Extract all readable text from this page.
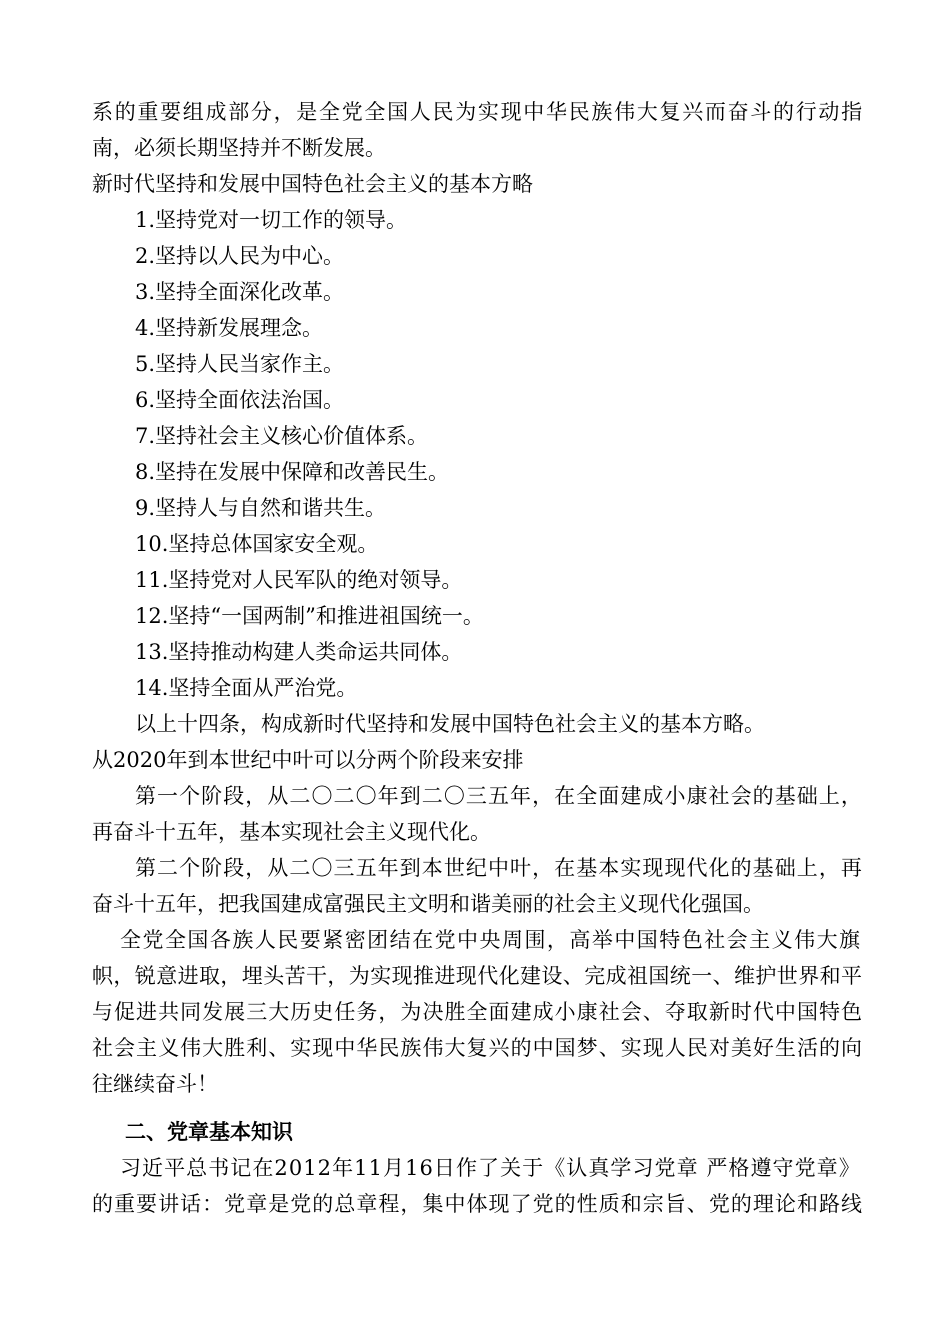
系的重要组成部分，是全党全国人民为实现中华民族伟大复兴而奋斗的行动指
南，必须长期坚持并不断发展。
新时代坚持和发展中国特色社会主义的基本方略
1.坚持党对一切工作的领导。
2.坚持以人民为中心。
3.坚持全面深化改革。
4.坚持新发展理念。
5.坚持人民当家作主。
6.坚持全面依法治国。
7.坚持社会主义核心价值体系。
8.坚持在发展中保障和改善民生。
9.坚持人与自然和谐共生。
10.坚持总体国家安全观。
11.坚持党对人民军队的绝对领导。
12.坚持“一国两制”和推进祖国统一。
13.坚持推动构建人类命运共同体。
14.坚持全面从严治党。
以上十四条，构成新时代坚持和发展中国特色社会主义的基本方略。
从2020年到本世纪中叶可以分两个阶段来安排
第一个阶段，从二〇二〇年到二〇三五年，在全面建成小康社会的基础上，
再奋斗十五年，基本实现社会主义现代化。
第二个阶段，从二〇三五年到本世纪中叶，在基本实现现代化的基础上，再
奋斗十五年，把我国建成富强民主文明和谐美丽的社会主义现代化强国。
全党全国各族人民要紧密团结在党中央周围，高举中国特色社会主义伟大旗
帜，锐意进取，埋头苦干，为实现推进现代化建设、完成祖国统一、维护世界和平
与促进共同发展三大历史任务，为决胜全面建成小康社会、夺取新时代中国特色
社会主义伟大胜利、实现中华民族伟大复兴的中国梦、实现人民对美好生活的向
往继续奋斗！
二、党章基本知识
习近平总书记在2012年11月16日作了关于《认真学习党章 严格遵守党章》
的重要讲话：党章是党的总章程，集中体现了党的性质和宗旨、党的理论和路线
